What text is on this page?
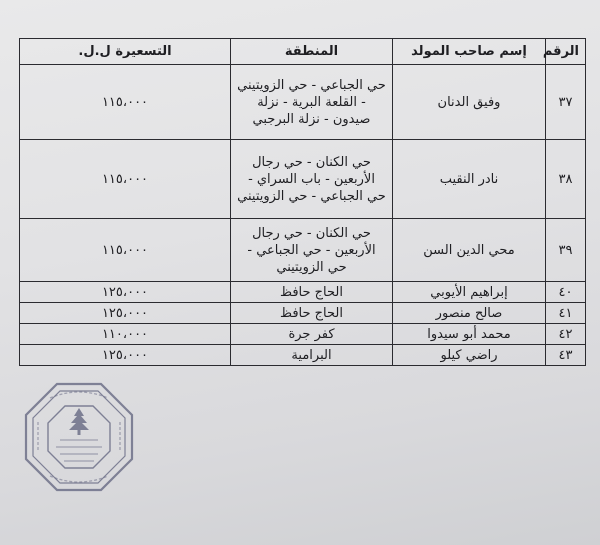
الرقم	إسم صاحب المولد	المنطقة	التسعيرة ل.ل.
٣٧	وفيق الدنان	حي الجباعي - حي الزويتيني - القلعة البرية - نزلة صيدون - نزلة البرجبي	١١٥،٠٠٠
٣٨	نادر النقيب	حي الكنان - حي رجال الأربعين - باب السراي - حي الجباعي - حي الزويتيني	١١٥،٠٠٠
٣٩	محي الدين السن	حي الكنان - حي رجال الأربعين - حي الجباعي - حي الزويتيني	١١٥،٠٠٠
٤٠	إبراهيم الأيوبي	الحاج حافظ	١٢٥،٠٠٠
٤١	صالح منصور	الحاج حافظ	١٢٥،٠٠٠
٤٢	محمد أبو سيدوا	كفر جرة	١١٠،٠٠٠
٤٣	راضي كيلو	البرامية	١٢٥،٠٠٠
